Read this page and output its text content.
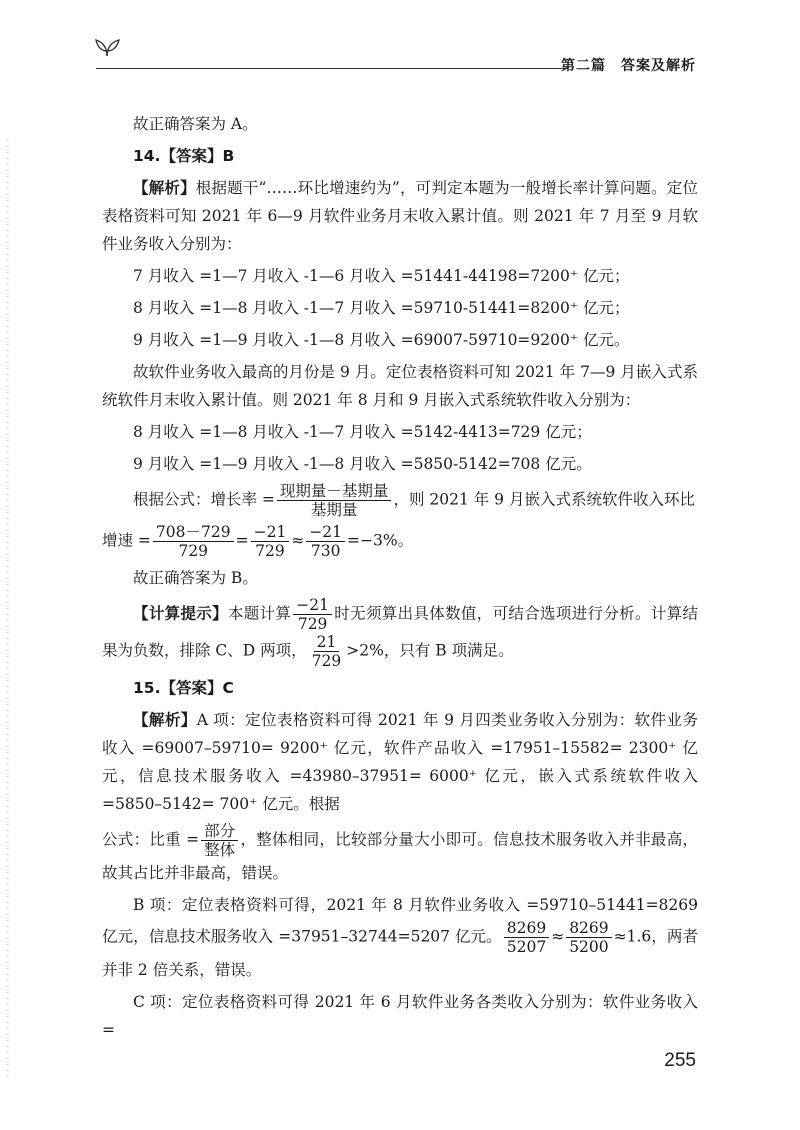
第二篇　答案及解析

故正确答案为 A。

14.【答案】B

【解析】根据题干“……环比增速约为”，可判定本题为一般增长率计算问题。定位表格资料可知 2021 年 6—9 月软件业务月末收入累计值。则 2021 年 7 月至 9 月软件业务收入分别为：

7 月收入 =1—7 月收入 -1—6 月收入 =51441-44198=7200⁺ 亿元；

8 月收入 =1—8 月收入 -1—7 月收入 =59710-51441=8200⁺ 亿元；

9 月收入 =1—9 月收入 -1—8 月收入 =69007-59710=9200⁺ 亿元。

故软件业务收入最高的月份是 9 月。定位表格资料可知 2021 年 7—9 月嵌入式系统软件月末收入累计值。则 2021 年 8 月和 9 月嵌入式系统软件收入分别为：

8 月收入 =1—8 月收入 -1—7 月收入 =5142-4413=729 亿元；

9 月收入 =1—9 月收入 -1—8 月收入 =5850-5142=708 亿元。

根据公式：增长率 = $\frac{\text{现期量－基期量}}{\text{基期量}}$ ，则 2021 年 9 月嵌入式系统软件收入环比

增速 = $\frac{708-729}{729} = \frac{-21}{729} \approx \frac{-21}{730} =-3\%$。

故正确答案为 B。

【计算提示】本题计算 $\frac{-21}{729}$ 时无须算出具体数值，可结合选项进行分析。计算结果为负数，排除 C、D 两项， $\frac{21}{729} >2\%$，只有 B 项满足。

15.【答案】C

【解析】A 项：定位表格资料可得 2021 年 9 月四类业务收入分别为：软件业务收入 =69007–59710= 9200⁺ 亿元，软件产品收入 =17951–15582= 2300⁺ 亿元，信息技术服务收入 =43980–37951= 6000⁺ 亿元，嵌入式系统软件收入 =5850–5142= 700⁺ 亿元。根据

公式：比重 = $\frac{\text{部分}}{\text{整体}}$ ，整体相同，比较部分量大小即可。信息技术服务收入并非最高，故其占比并非最高，错误。

B 项：定位表格资料可得，2021 年 8 月软件业务收入 =59710–51441=8269 亿元，信息技术服务收入 =37951–32744=5207 亿元。 $\frac{8269}{5207} \approx \frac{8269}{5200} \approx 1.6$，两者并非 2 倍关系，错误。

C 项：定位表格资料可得 2021 年 6 月软件业务各类收入分别为：软件业务收入 =

255
